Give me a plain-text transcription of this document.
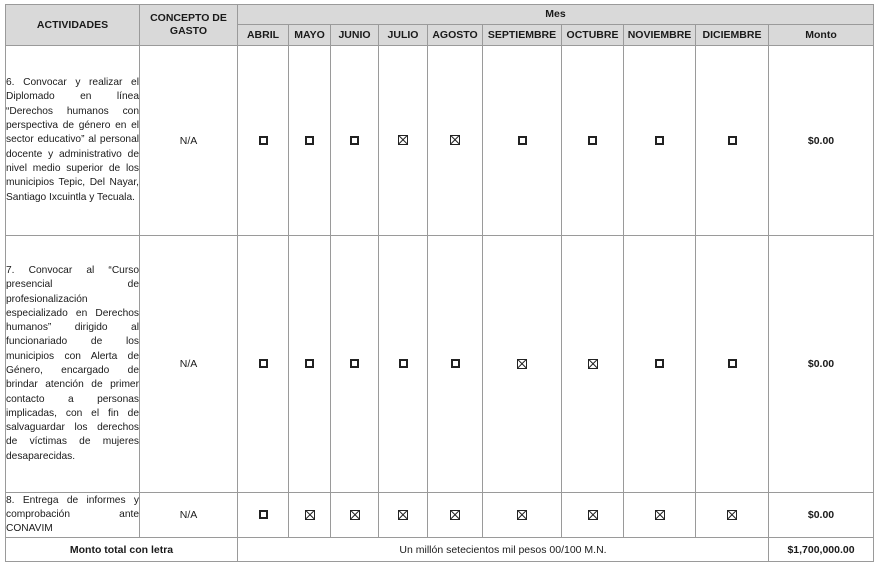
ACTIVIDADES	CONCEPTO DE GASTO	Mes									
		ABRIL	MAYO	JUNIO	JULIO	AGOSTO	SEPTIEMBRE	OCTUBRE	NOVIEMBRE	DICIEMBRE	Monto
6. Convocar y realizar el Diplomado en línea “Derechos humanos con perspectiva de género en el sector educativo” al personal docente y administrativo de nivel medio superior de los municipios Tepic, Del Nayar, Santiago Ixcuintla y Tecuala.	N/A										$0.00
7. Convocar al “Curso presencial de profesionalización especializado en Derechos humanos” dirigido al funcionariado de los municipios con Alerta de Género, encargado de brindar atención de primer contacto a personas implicadas, con el fin de salvaguardar los derechos de víctimas de mujeres desaparecidas.	N/A										$0.00
8. Entrega de informes y comprobación ante CONAVIM	N/A										$0.00
Monto total con letra		Un millón setecientos mil pesos 00/100 M.N.									$1,700,000.00
